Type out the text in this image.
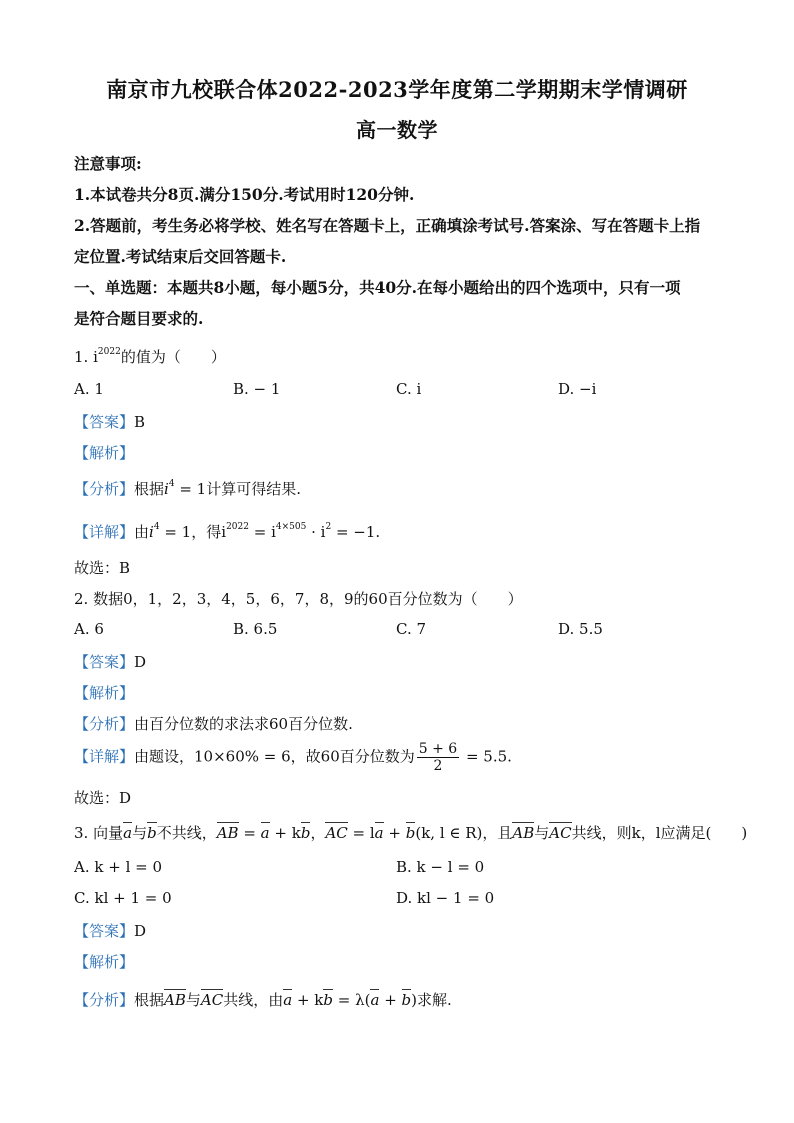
南京市九校联合体2022-2023学年度第二学期期末学情调研
高一数学
注意事项:
1.本试卷共分8页.满分150分.考试用时120分钟.
2.答题前，考生务必将学校、姓名写在答题卡上，正确填涂考试号.答案涂、写在答题卡上指
定位置.考试结束后交回答题卡.
一、单选题：本题共8小题，每小题5分，共40分.在每小题给出的四个选项中，只有一项
是符合题目要求的.
1. $i^{2022}$的值为（　　）
A. 1	B. − 1	C. i	D. −i
【答案】B
【解析】
【分析】根据$i^4 = 1$计算可得结果.
【详解】由$i^4 = 1$，得$i^{2022} = i^{4\times 505} \cdot i^2 = -1$.
故选：B
2. 数据0，1，2，3，4，5，6，7，8，9的60百分位数为（　　）
A. 6	B. 6.5	C. 7	D. 5.5
【答案】D
【解析】
【分析】由百分位数的求法求60百分位数.
【详解】由题设，10×60% = 6，故60百分位数为 $\frac{5 + 6}{2} = 5.5$.
故选：D
3. 向量a与b不共线，AB = a + kb，AC = la + b(k, l ∈ R)，且AB与AC共线，则k，l应满足(　　)
A. k + l = 0	B. k − l = 0
C. kl + 1 = 0	D. kl − 1 = 0
【答案】D
【解析】
【分析】根据AB与AC共线，由a + kb = λ(a + b)求解.
